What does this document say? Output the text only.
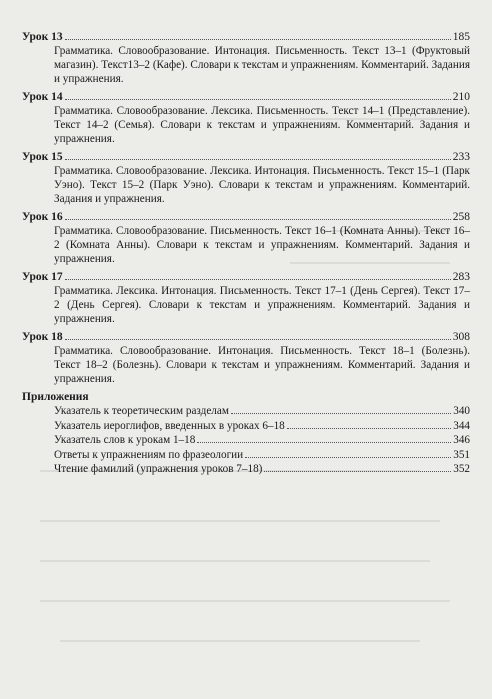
Урок 13	185
Грамматика. Словообразование. Интонация. Письменность. Текст 13–1 (Фруктовый магазин). Текст13–2 (Кафе). Словари к текстам и упражнениям. Комментарий. Задания и упражнения.
Урок 14	210
Грамматика. Словообразование. Лексика. Письменность. Текст 14–1 (Представление). Текст 14–2 (Семья). Словари к текстам и упражнениям. Комментарий. Задания и упражнения.
Урок 15	233
Грамматика. Словообразование. Лексика. Интонация. Письменность. Текст 15–1 (Парк Уэно). Текст 15–2 (Парк Уэно). Словари к текстам и упражнениям. Комментарий. Задания и упражнения.
Урок 16	258
Грамматика. Словообразование. Письменность. Текст 16–1 (Комната Анны). Текст 16–2 (Комната Анны). Словари к текстам и упражнениям. Комментарий. Задания и упражнения.
Урок 17	283
Грамматика. Лексика. Интонация. Письменность. Текст 17–1 (День Сергея). Текст 17–2 (День Сергея). Словари к текстам и упражнениям. Комментарий. Задания и упражнения.
Урок 18	308
Грамматика. Словообразование. Интонация. Письменность. Текст 18–1 (Болезнь). Текст 18–2 (Болезнь). Словари к текстам и упражнениям. Комментарий. Задания и упражнения.
Приложения
Указатель к теоретическим разделам	340
Указатель иероглифов, введенных в уроках 6–18	344
Указатель слов к урокам 1–18	346
Ответы к упражнениям по фразеологии	351
Чтение фамилий (упражнения уроков 7–18)	352
